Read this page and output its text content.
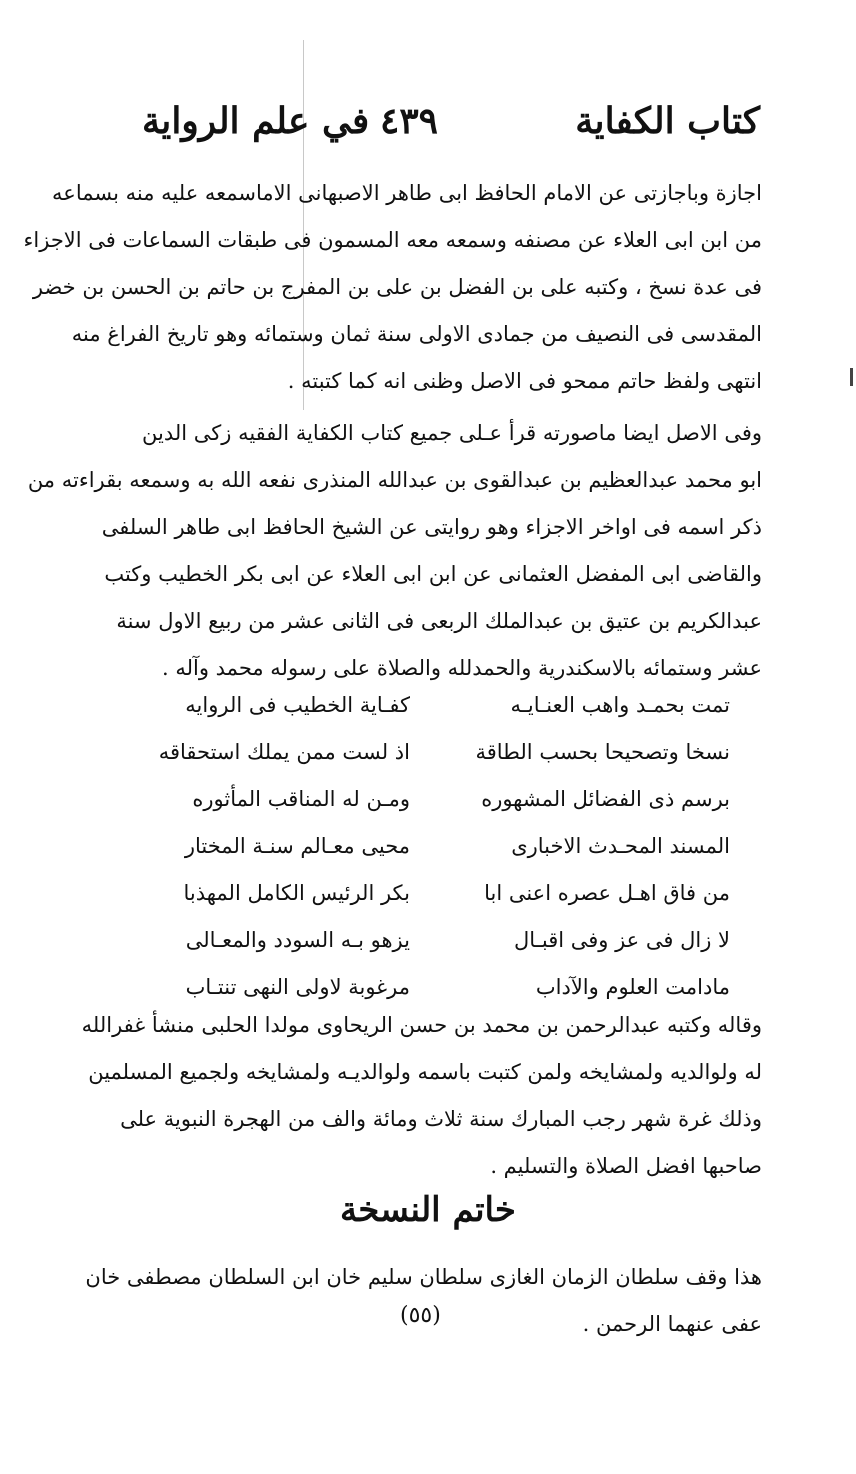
كتاب الكفاية
٤٣٩
في علم الرواية

اجازة وباجازتى عن الامام الحافظ ابى طاهر الاصبهانى الاماسمعه عليه منه بسماعه

من ابن ابى العلاء عن مصنفه وسمعه معه المسمون فى طبقات السماعات فى الاجزاء

فى عدة نسخ ، وكتبه على بن الفضل بن على بن المفرج بن حاتم بن الحسن بن خضر

المقدسى فى النصيف من جمادى الاولى سنة ثمان وستمائه وهو تاريخ الفراغ منه

انتهى ولفظ حاتم ممحو فى الاصل وظنى انه كما كتبته .

وفى الاصل ايضا ماصورته قرأ عـلى جميع كتاب الكفاية الفقيه زكى الدين

ابو محمد عبدالعظيم بن عبدالقوى بن عبدالله المنذرى نفعه الله به وسمعه بقراءته من

ذكر اسمه فى اواخر الاجزاء وهو روايتى عن الشيخ الحافظ ابى طاهر السلفى

والقاضى ابى المفضل العثمانى عن ابن ابى العلاء عن ابى بكر الخطيب وكتب

عبدالكريم بن عتيق بن عبدالملك الربعى فى الثانى عشر من ربيع الاول سنة

عشر وستمائه بالاسكندرية والحمدلله والصلاة على رسوله محمد وآله .

تمت بحمـد واهب العنـايـه
كفـاية الخطيب فى الروايه
نسخا وتصحيحا بحسب الطاقة
اذ لست ممن يملك استحقاقه
برسم ذى الفضائل المشهوره
ومـن له المناقب المأثوره
المسند المحـدث الاخبارى
محيى معـالم سنـة المختار
من فاق اهـل عصره اعنى ابا
بكر الرئيس الكامل المهذبا
لا زال فى عز وفى اقبـال
يزهو بـه السودد والمعـالى
مادامت العلوم والآداب
مرغوبة لاولى النهى تنتـاب

وقاله وكتبه عبدالرحمن بن محمد بن حسن الريحاوى مولدا الحلبى منشأ غفرالله

له ولوالديه ولمشايخه ولمن كتبت باسمه ولوالديـه ولمشايخه ولجميع المسلمين

وذلك غرة شهر رجب المبارك سنة ثلاث ومائة والف من الهجرة النبوية على

صاحبها افضل الصلاة والتسليم .

خاتم النسخة

هذا وقف سلطان الزمان الغازى سلطان سليم خان ابن السلطان مصطفى خان

عفى عنهما الرحمن .

(٥٥)
